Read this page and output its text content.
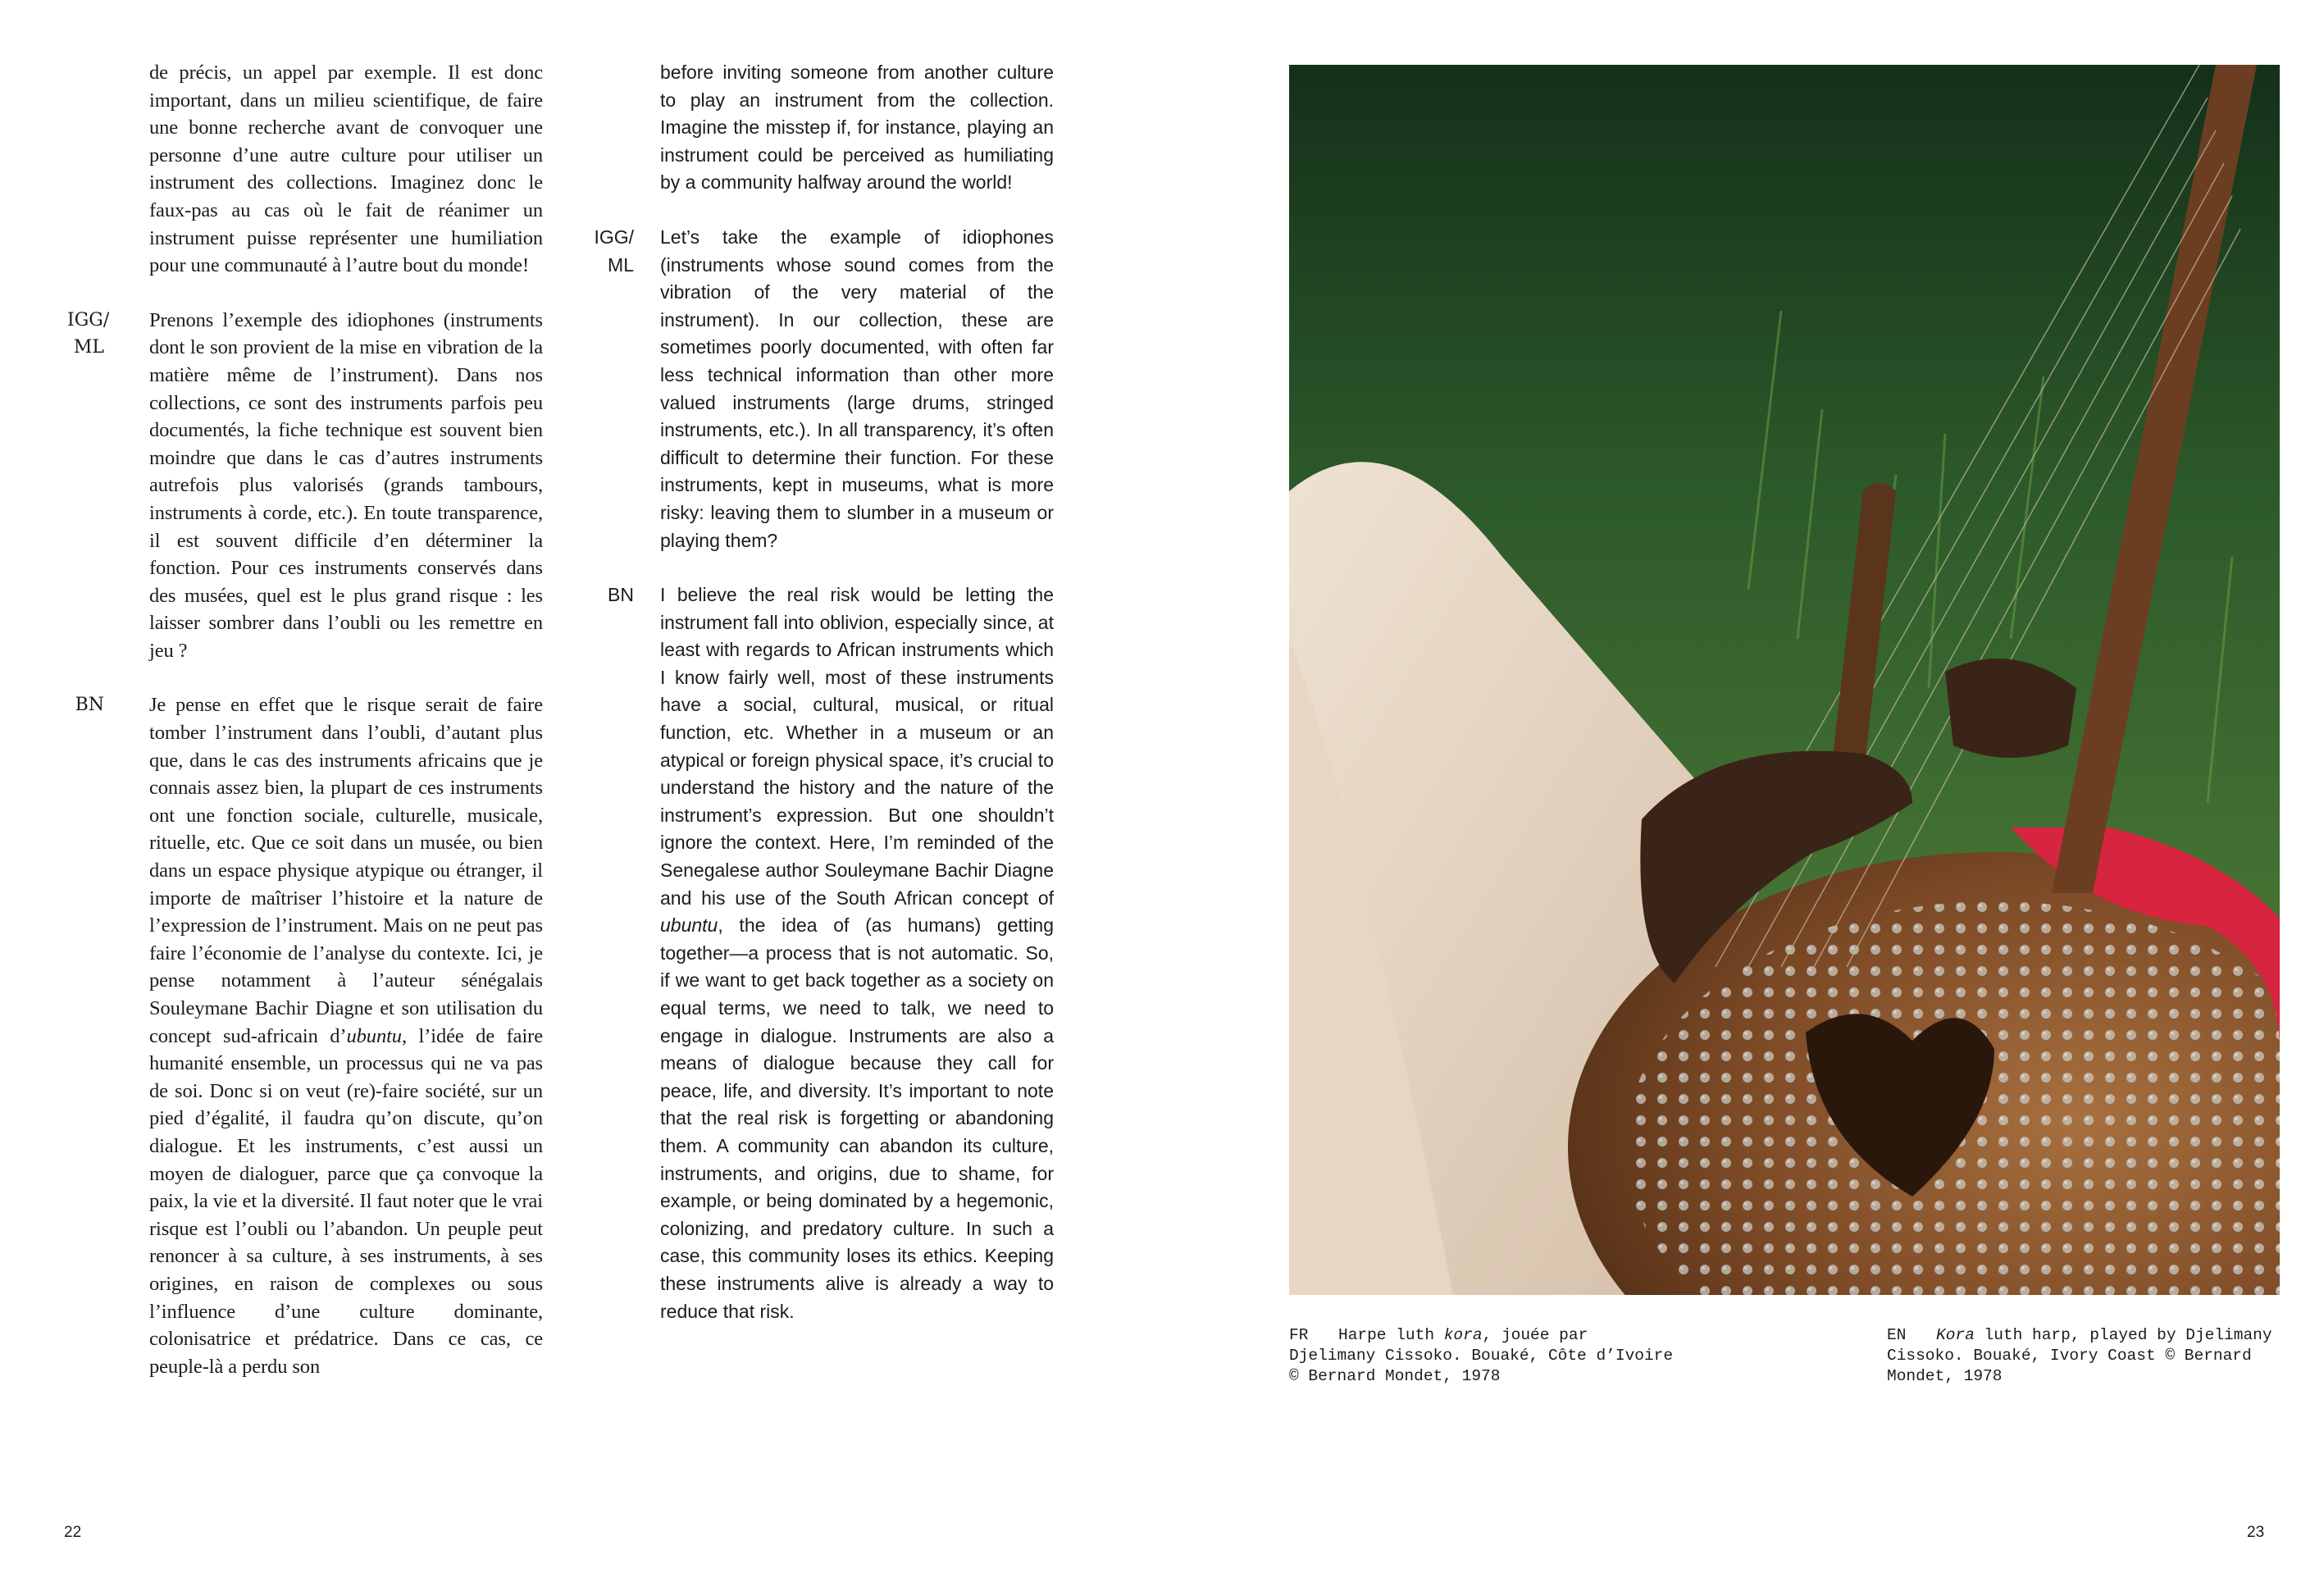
de précis, un appel par exemple. Il est donc important, dans un milieu scientifique, de faire une bonne recherche avant de convoquer une personne d’une autre culture pour utiliser un instrument des collections. Imaginez donc le faux-pas au cas où le fait de réanimer un instrument puisse représenter une humiliation pour une communauté à l’autre bout du monde!

IGG/
ML

Prenons l’exemple des idiophones (instruments dont le son provient de la mise en vibration de la matière même de l’instrument). Dans nos collections, ce sont des instruments parfois peu documentés, la fiche technique est souvent bien moindre que dans le cas d’autres instruments autrefois plus valorisés (grands tambours, instruments à corde, etc.). En toute transparence, il est souvent difficile d’en déterminer la fonction. Pour ces instruments conservés dans des musées, quel est le plus grand risque : les laisser sombrer dans l’oubli ou les remettre en jeu ?

BN Je pense en effet que le risque serait de faire tomber l’instrument dans l’oubli, d’autant plus que, dans le cas des instruments africains que je connais assez bien, la plupart de ces instruments ont une fonction sociale, culturelle, musicale, rituelle, etc. Que ce soit dans un musée, ou bien dans un espace physique atypique ou étranger, il importe de maîtriser l’histoire et la nature de l’expression de l’instrument. Mais on ne peut pas faire l’économie de l’analyse du contexte. Ici, je pense notamment à l’auteur sénégalais Souleymane Bachir Diagne et son utilisation du concept sud-africain d’ubuntu, l’idée de faire humanité ensemble, un processus qui ne va pas de soi. Donc si on veut (re)-faire société, sur un pied d’égalité, il faudra qu’on discute, qu’on dialogue. Et les instruments, c’est aussi un moyen de dialoguer, parce que ça convoque la paix, la vie et la diversité. Il faut noter que le vrai risque est l’oubli ou l’abandon. Un peuple peut renoncer à sa culture, à ses instruments, à ses origines, en raison de complexes ou sous l’influence d’une culture dominante, colonisatrice et prédatrice. Dans ce cas, ce peuple-là a perdu son

before inviting someone from another culture to play an instrument from the collection. Imagine the misstep if, for instance, playing an instrument could be perceived as humiliating by a community halfway around the world!

IGG/
ML

Let’s take the example of idiophones (instruments whose sound comes from the vibration of the very material of the instrument). In our collection, these are sometimes poorly documented, with often far less technical information than other more valued instruments (large drums, stringed instruments, etc.). In all transparency, it’s often difficult to determine their function. For these instruments, kept in museums, what is more risky: leaving them to slumber in a museum or playing them?

BN I believe the real risk would be letting the instrument fall into oblivion, especially since, at least with regards to African instruments which I know fairly well, most of these instruments have a social, cultural, musical, or ritual function, etc. Whether in a museum or an atypical or foreign physical space, it’s crucial to understand the history and the nature of the instrument’s expression. But one shouldn’t ignore the context. Here, I’m reminded of the Senegalese author Souleymane Bachir Diagne and his use of the South African concept of ubuntu, the idea of (as humans) getting together—a process that is not automatic. So, if we want to get back together as a society on equal terms, we need to talk, we need to engage in dialogue. Instruments are also a means of dialogue because they call for peace, life, and diversity. It’s important to note that the real risk is forgetting or abandoning them. A community can abandon its culture, instruments, and origins, due to shame, for example, or being dominated by a hegemonic, colonizing, and predatory culture. In such a case, this community loses its ethics. Keeping these instruments alive is already a way to reduce that risk.

22
FR Harpe luth kora, jouée par Djelimany Cissoko. Bouaké, Côte d’Ivoire © Bernard Mondet, 1978
EN Kora luth harp, played by Djelimany Cissoko. Bouaké, Ivory Coast © Bernard Mondet, 1978
23
